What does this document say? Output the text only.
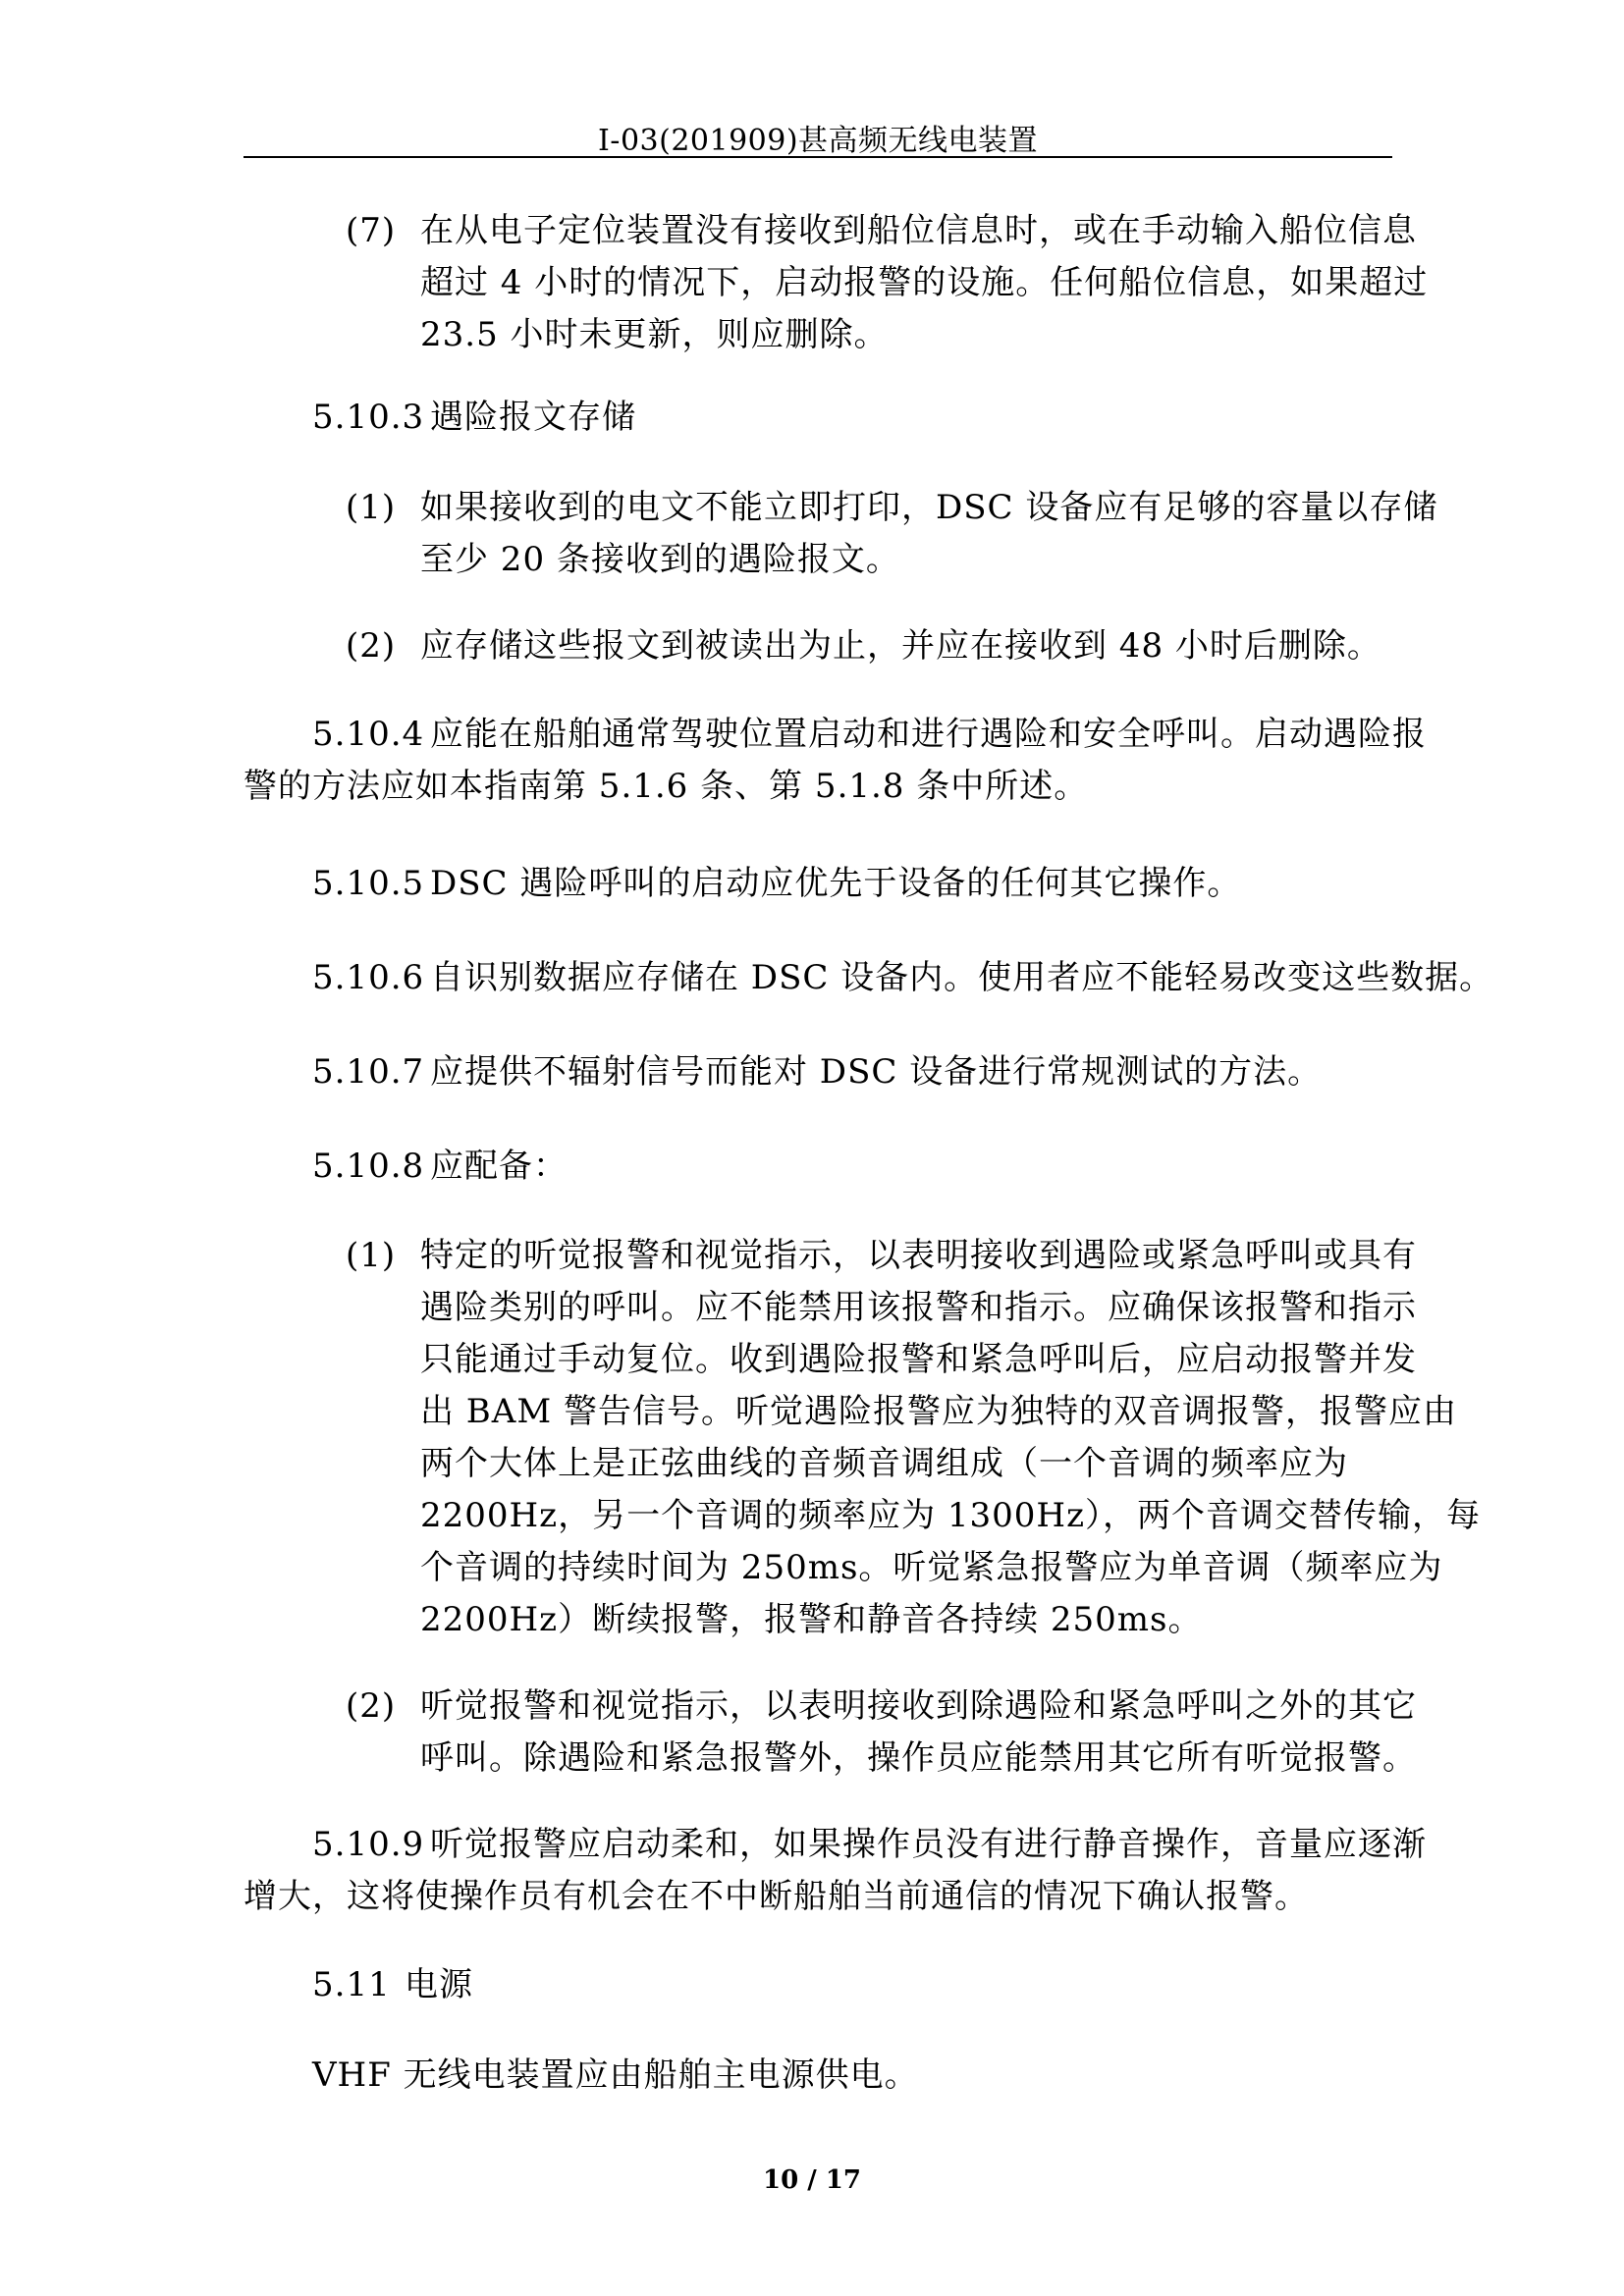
I-03(201909)甚高频无线电装置
(7) 在从电子定位装置没有接收到船位信息时，或在手动输入船位信息
超过 4 小时的情况下，启动报警的设施。任何船位信息，如果超过
23.5 小时未更新，则应删除。
5.10.3 遇险报文存储
(1) 如果接收到的电文不能立即打印，DSC 设备应有足够的容量以存储
至少 20 条接收到的遇险报文。
(2) 应存储这些报文到被读出为止，并应在接收到 48 小时后删除。
5.10.4 应能在船舶通常驾驶位置启动和进行遇险和安全呼叫。启动遇险报
警的方法应如本指南第 5.1.6 条、第 5.1.8 条中所述。
5.10.5 DSC 遇险呼叫的启动应优先于设备的任何其它操作。
5.10.6 自识别数据应存储在 DSC 设备内。使用者应不能轻易改变这些数据。
5.10.7 应提供不辐射信号而能对 DSC 设备进行常规测试的方法。
5.10.8 应配备：
(1) 特定的听觉报警和视觉指示，以表明接收到遇险或紧急呼叫或具有
遇险类别的呼叫。应不能禁用该报警和指示。应确保该报警和指示
只能通过手动复位。收到遇险报警和紧急呼叫后，应启动报警并发
出 BAM 警告信号。听觉遇险报警应为独特的双音调报警，报警应由
两个大体上是正弦曲线的音频音调组成（一个音调的频率应为
2200Hz，另一个音调的频率应为 1300Hz），两个音调交替传输，每
个音调的持续时间为 250ms。听觉紧急报警应为单音调（频率应为
2200Hz）断续报警，报警和静音各持续 250ms。
(2) 听觉报警和视觉指示，以表明接收到除遇险和紧急呼叫之外的其它
呼叫。除遇险和紧急报警外，操作员应能禁用其它所有听觉报警。
5.10.9 听觉报警应启动柔和，如果操作员没有进行静音操作，音量应逐渐
增大，这将使操作员有机会在不中断船舶当前通信的情况下确认报警。
5.11 电源
VHF 无线电装置应由船舶主电源供电。
10 / 17
